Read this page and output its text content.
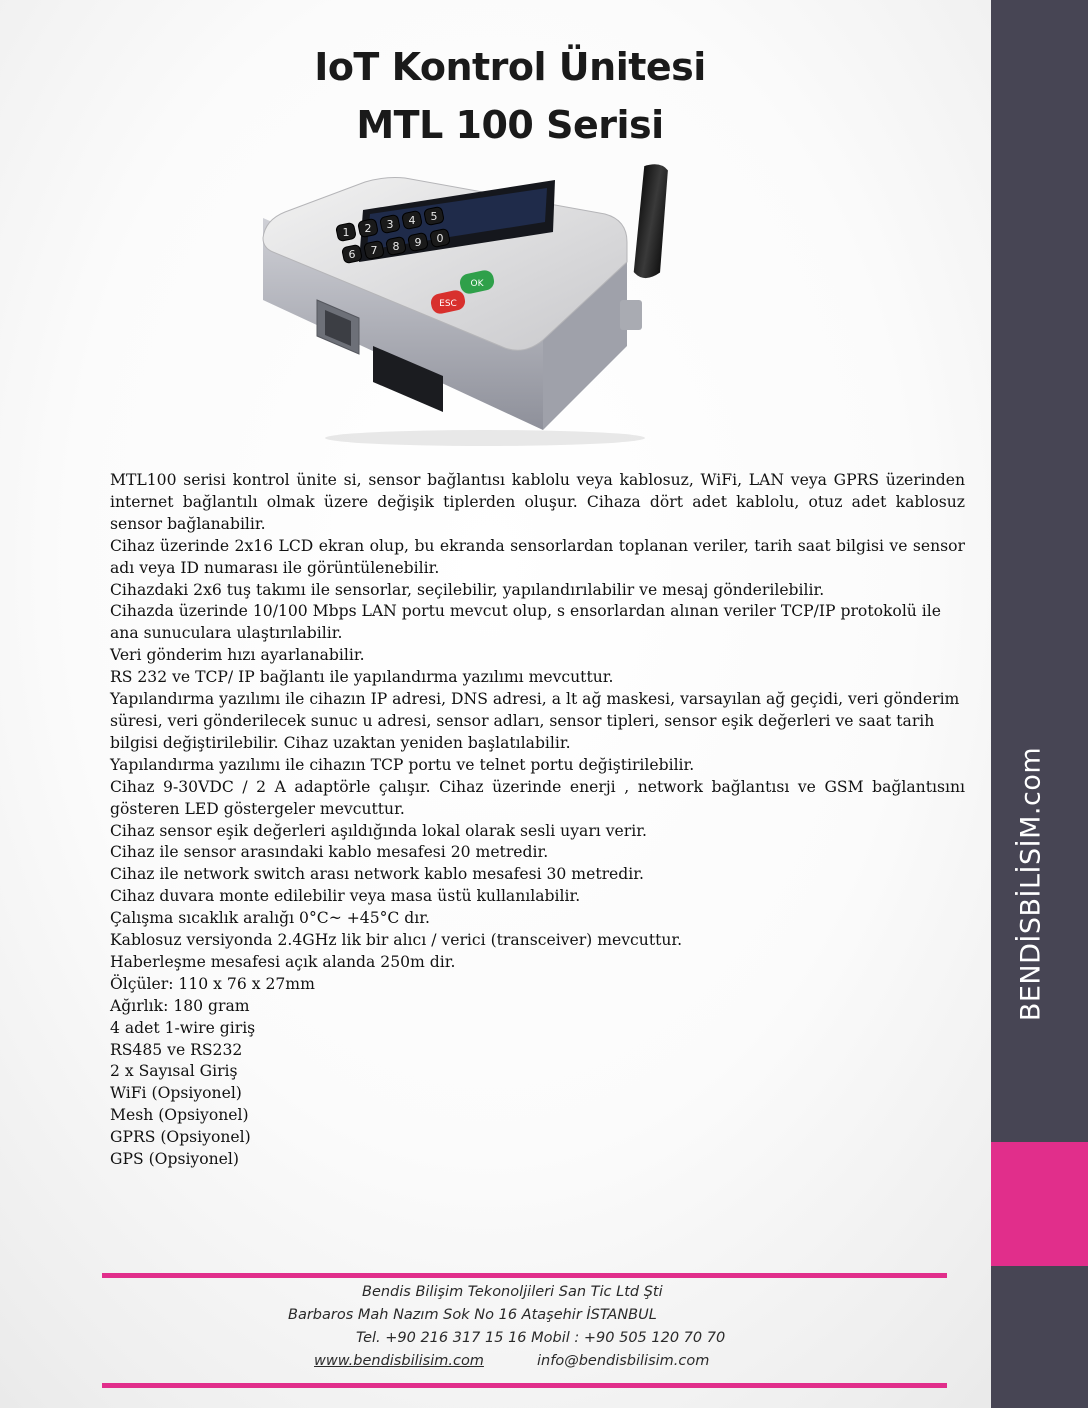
BENDİSBİLİSİM.com
IoT Kontrol Ünitesi
MTL 100 Serisi
1 2 3 4 5
6 7 8 9 0
OK
ESC
MTL100 serisi kontrol ünite si, sensor bağlantısı kablolu veya kablosuz, WiFi, LAN veya GPRS üzerinden
internet bağlantılı olmak üzere değişik tiplerden oluşur. Cihaza dört adet kablolu, otuz adet kablosuz
sensor bağlanabilir.
Cihaz üzerinde 2x16 LCD ekran olup, bu ekranda sensorlardan toplanan veriler, tarih saat bilgisi ve sensor
adı veya ID numarası ile görüntülenebilir.
Cihazdaki 2x6 tuş takımı ile sensorlar, seçilebilir, yapılandırılabilir ve mesaj gönderilebilir.
Cihazda üzerinde 10/100 Mbps LAN portu mevcut olup, s ensorlardan alınan veriler TCP/IP protokolü ile
ana sunuculara ulaştırılabilir.
Veri gönderim hızı ayarlanabilir.
RS 232 ve TCP/ IP bağlantı ile yapılandırma yazılımı mevcuttur.
Yapılandırma yazılımı ile cihazın IP adresi, DNS adresi, a lt ağ maskesi, varsayılan ağ geçidi, veri gönderim
süresi, veri gönderilecek sunuc u adresi, sensor adları, sensor tipleri, sensor eşik değerleri ve saat tarih
bilgisi değiştirilebilir. Cihaz uzaktan yeniden başlatılabilir.
Yapılandırma yazılımı ile cihazın TCP portu ve telnet portu değiştirilebilir.
Cihaz 9-30VDC / 2 A adaptörle çalışır. Cihaz üzerinde enerji , network bağlantısı ve GSM bağlantısını
gösteren LED göstergeler mevcuttur.
Cihaz sensor eşik değerleri aşıldığında lokal olarak sesli uyarı verir.
Cihaz ile sensor arasındaki kablo mesafesi 20 metredir.
Cihaz ile network switch arası network kablo mesafesi 30 metredir.
Cihaz duvara monte edilebilir veya masa üstü kullanılabilir.
Çalışma sıcaklık aralığı 0°C~ +45°C dır.
Kablosuz versiyonda 2.4GHz lik bir alıcı / verici (transceiver) mevcuttur.
Haberleşme mesafesi açık alanda 250m dir.
Ölçüler: 110 x 76 x 27mm
Ağırlık: 180 gram
4 adet 1-wire giriş
RS485 ve RS232
2 x Sayısal Giriş
WiFi (Opsiyonel)
Mesh (Opsiyonel)
GPRS (Opsiyonel)
GPS (Opsiyonel)
Bendis Bilişim Tekonoljileri San Tic Ltd Şti
Barbaros Mah Nazım Sok No 16 Ataşehir İSTANBUL
Tel. +90 216 317 15 16 Mobil : +90 505 120 70 70
www.bendisbilisim.com	info@bendisbilisim.com
